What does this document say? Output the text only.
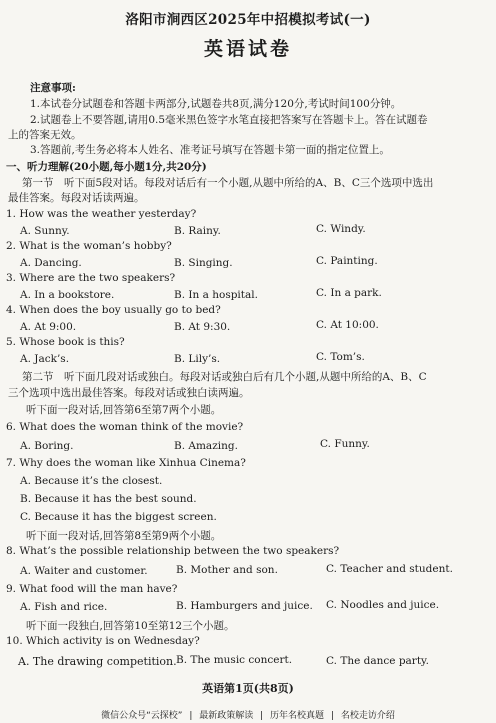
洛阳市涧西区2025年中招模拟考试(一)
英语试卷
注意事项:
1.本试卷分试题卷和答题卡两部分,试题卷共8页,满分120分,考试时间100分钟。
2.试题卷上不要答题,请用0.5毫米黑色签字水笔直接把答案写在答题卡上。答在试题卷
上的答案无效。
3.答题前,考生务必将本人姓名、准考证号填写在答题卡第一面的指定位置上。
一、听力理解(20小题,每小题1分,共20分)
第一节　听下面5段对话。每段对话后有一个小题,从题中所给的A、B、C三个选项中选出
最佳答案。每段对话读两遍。
1. How was the weather yesterday?
A. Sunny.	B. Rainy.	C. Windy.
2. What is the woman’s hobby?
A. Dancing.	B. Singing.	C. Painting.
3. Where are the two speakers?
A. In a bookstore.	B. In a hospital.	C. In a park.
4. When does the boy usually go to bed?
A. At 9:00.	B. At 9:30.	C. At 10:00.
5. Whose book is this?
A. Jack’s.	B. Lily’s.	C. Tom’s.
第二节　听下面几段对话或独白。每段对话或独白后有几个小题,从题中所给的A、B、C
三个选项中选出最佳答案。每段对话或独白读两遍。
听下面一段对话,回答第6至第7两个小题。
6. What does the woman think of the movie?
A. Boring.	B. Amazing.	C. Funny.
7. Why does the woman like Xinhua Cinema?
A. Because it’s the closest.
B. Because it has the best sound.
C. Because it has the biggest screen.
听下面一段对话,回答第8至第9两个小题。
8. What’s the possible relationship between the two speakers?
A. Waiter and customer.	B. Mother and son.	C. Teacher and student.
9. What food will the man have?
A. Fish and rice.	B. Hamburgers and juice. C. Noodles and juice.
听下面一段独白,回答第10至第12三个小题。
10. Which activity is on Wednesday?
A. The drawing competition. B. The music concert.	C. The dance party.
英语第1页(共8页)
微信公众号“云探校” | 最新政策解读 | 历年名校真题 | 名校走访介绍
